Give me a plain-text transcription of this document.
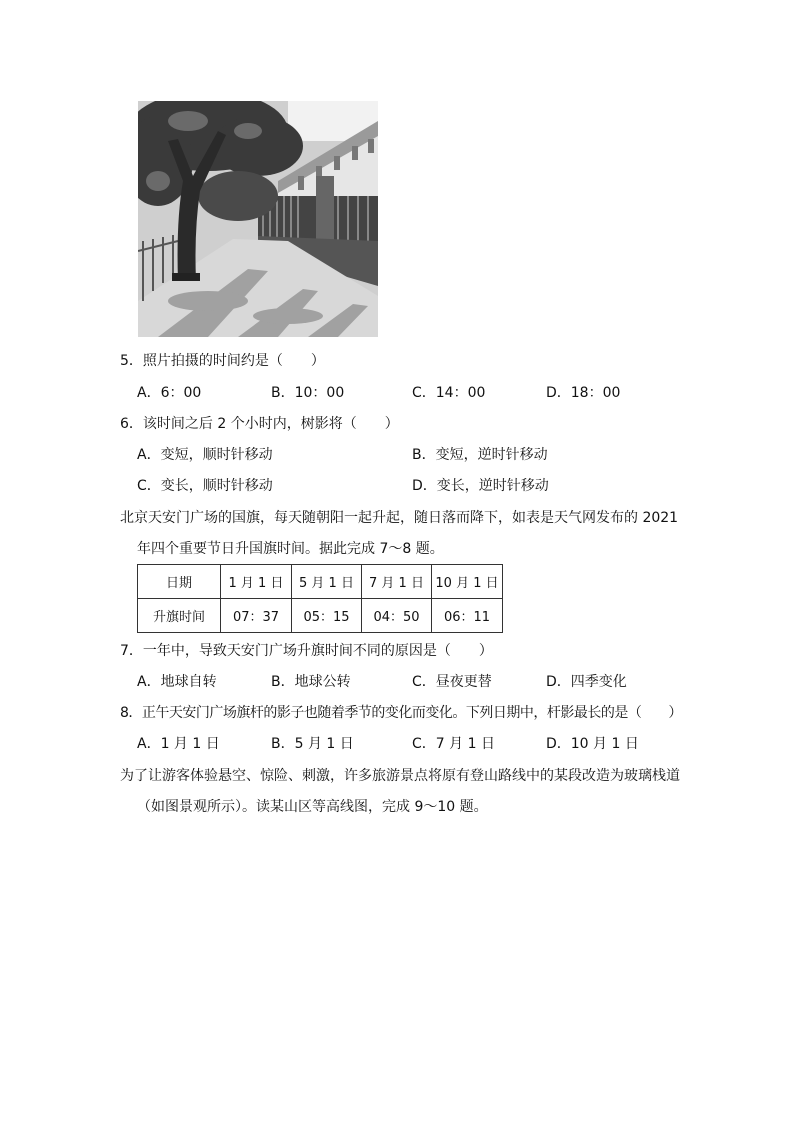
5．照片拍摄的时间约是（　　）
A．6：00	B．10：00	C．14：00	D．18：00
6．该时间之后 2 个小时内，树影将（　　）
A．变短，顺时针移动	B．变短，逆时针移动
C．变长，顺时针移动	D．变长，逆时针移动
北京天安门广场的国旗，每天随朝阳一起升起，随日落而降下，如表是天气网发布的 2021
年四个重要节日升国旗时间。据此完成 7～8 题。
日期	1 月 1 日	5 月 1 日	7 月 1 日	10 月 1 日
升旗时间	07：37	05：15	04：50	06：11
7．一年中，导致天安门广场升旗时间不同的原因是（　　）
A．地球自转	B．地球公转	C．昼夜更替	D．四季变化
8．正午天安门广场旗杆的影子也随着季节的变化而变化。下列日期中，杆影最长的是（　　）
A．1 月 1 日	B．5 月 1 日	C．7 月 1 日	D．10 月 1 日
为了让游客体验悬空、惊险、刺激，许多旅游景点将原有登山路线中的某段改造为玻璃栈道
（如图景观所示）。读某山区等高线图，完成 9～10 题。
